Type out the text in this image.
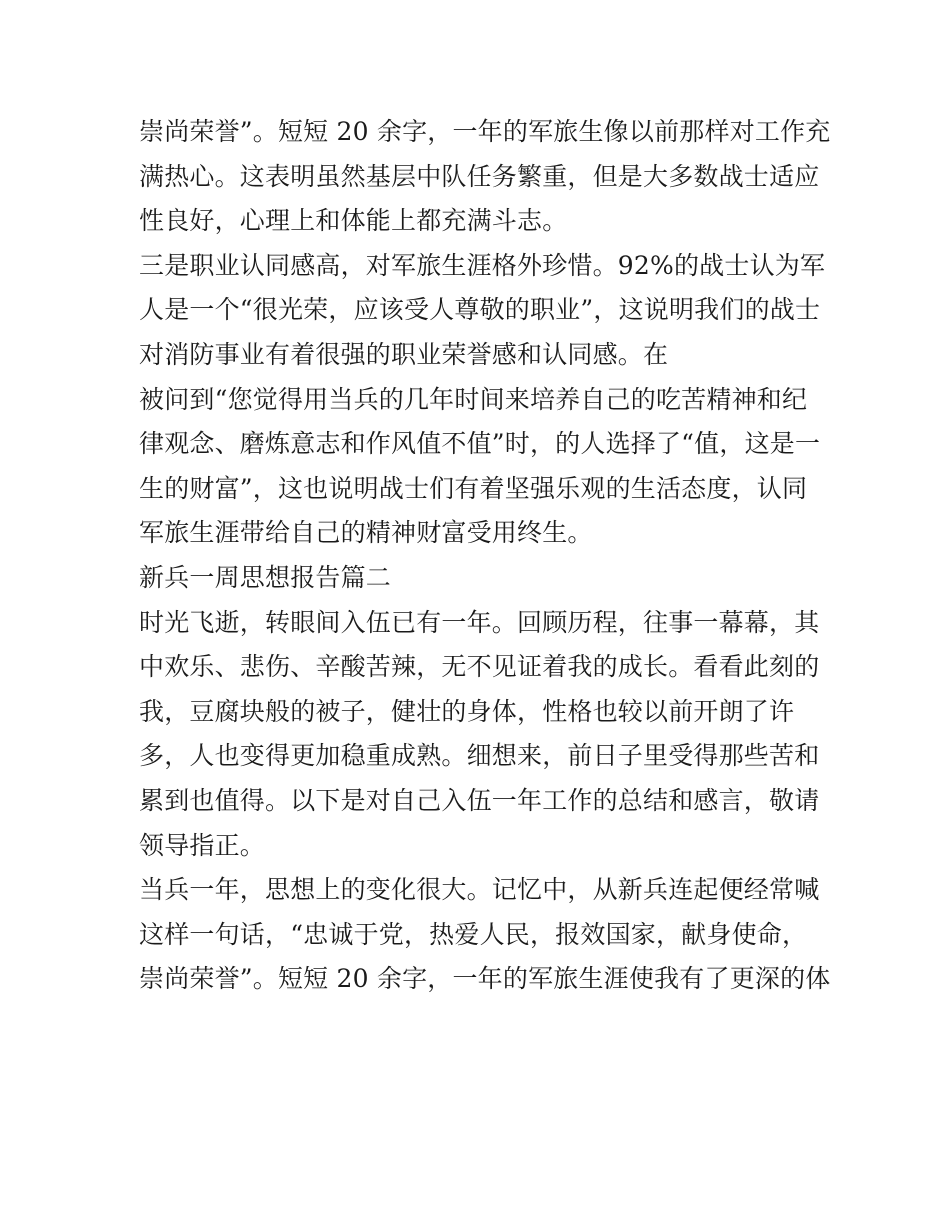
崇尚荣誉”。短短 20 余字，一年的军旅生像以前那样对工作充
满热心。这表明虽然基层中队任务繁重，但是大多数战士适应
性良好，心理上和体能上都充满斗志。
三是职业认同感高，对军旅生涯格外珍惜。92%的战士认为军
人是一个“很光荣，应该受人尊敬的职业”，这说明我们的战士
对消防事业有着很强的职业荣誉感和认同感。在
被问到“您觉得用当兵的几年时间来培养自己的吃苦精神和纪
律观念、磨炼意志和作风值不值”时，的人选择了“值，这是一
生的财富”，这也说明战士们有着坚强乐观的生活态度，认同
军旅生涯带给自己的精神财富受用终生。
新兵一周思想报告篇二
时光飞逝，转眼间入伍已有一年。回顾历程，往事一幕幕，其
中欢乐、悲伤、辛酸苦辣，无不见证着我的成长。看看此刻的
我，豆腐块般的被子，健壮的身体，性格也较以前开朗了许
多，人也变得更加稳重成熟。细想来，前日子里受得那些苦和
累到也值得。以下是对自己入伍一年工作的总结和感言，敬请
领导指正。
当兵一年，思想上的变化很大。记忆中，从新兵连起便经常喊
这样一句话，“忠诚于党，热爱人民，报效国家，献身使命，
崇尚荣誉”。短短 20 余字，一年的军旅生涯使我有了更深的体
